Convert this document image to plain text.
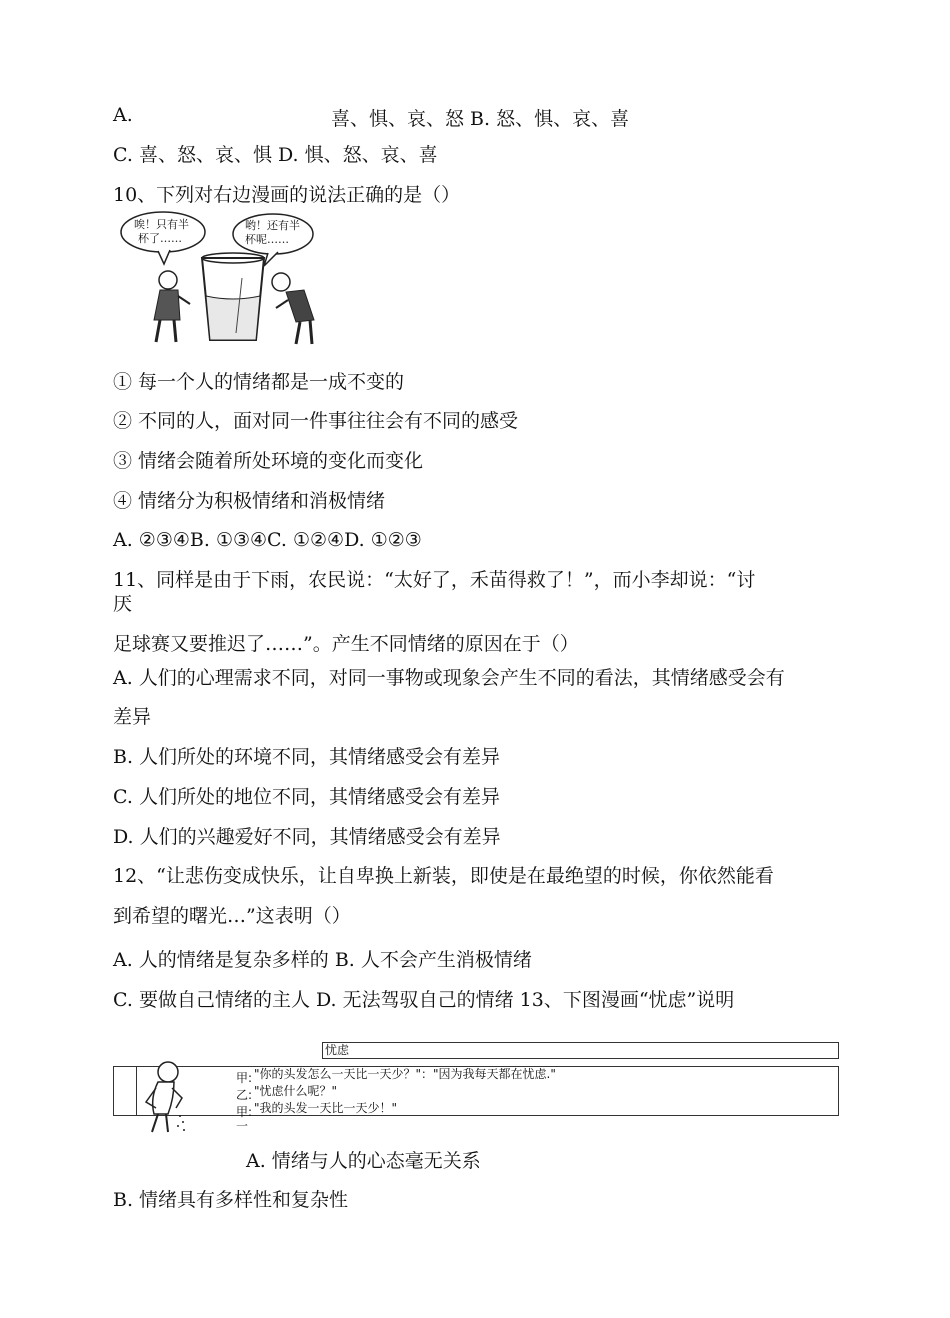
A.	喜、惧、哀、怒 B. 怒、惧、哀、喜
C. 喜、怒、哀、惧 D. 惧、怒、哀、喜
10、下列对右边漫画的说法正确的是（）
唉！只有半
杯了……
哟！还有半
杯呢……
① 每一个人的情绪都是一成不变的
② 不同的人，面对同一件事往往会有不同的感受
③ 情绪会随着所处环境的变化而变化
④ 情绪分为积极情绪和消极情绪
A. ②③④B. ①③④C. ①②④D. ①②③
11、同样是由于下雨，农民说：“太好了，禾苗得救了！”，而小李却说：“讨
厌
足球赛又要推迟了……”。产生不同情绪的原因在于（）
A. 人们的心理需求不同，对同一事物或现象会产生不同的看法，其情绪感受会有
差异
B. 人们所处的环境不同，其情绪感受会有差异
C. 人们所处的地位不同，其情绪感受会有差异
D. 人们的兴趣爱好不同，其情绪感受会有差异
12、“让悲伤变成快乐，让自卑换上新装，即使是在最绝望的时候，你依然能看
到希望的曙光…”这表明（）
A. 人的情绪是复杂多样的 B. 人不会产生消极情绪
C. 要做自己情绪的主人 D. 无法驾驭自己的情绪 13、下图漫画“忧虑”说明
忧虑
甲:
乙:
甲:
一
"你的头发怎么一天比一天少？"："因为我每天都在忧虑."
"忧虑什么呢？"
"我的头发一天比一天少！"
A. 情绪与人的心态毫无关系
B. 情绪具有多样性和复杂性
